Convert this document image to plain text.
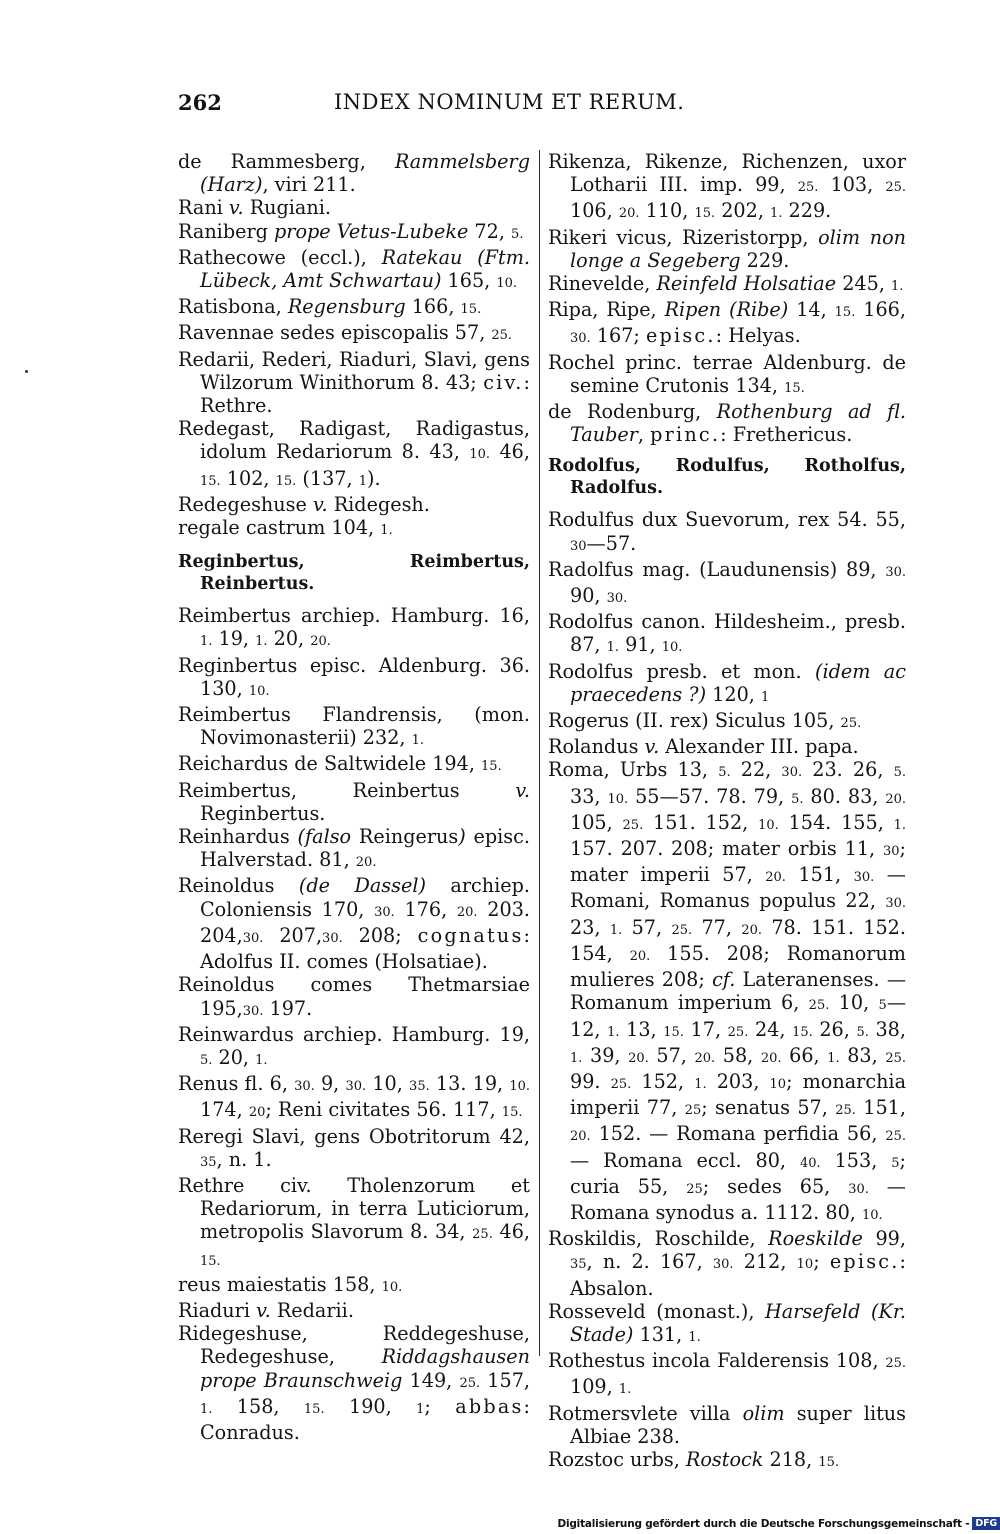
262	INDEX NOMINUM ET RERUM.

de Rammesberg, Rammelsberg (Harz), viri 211.

Rani v. Rugiani.

Raniberg prope Vetus-Lubeke 72, 5.

Rathecowe (eccl.), Ratekau (Ftm. Lübeck, Amt Schwartau) 165, 10.

Ratisbona, Regensburg 166, 15.

Ravennae sedes episcopalis 57, 25.

Redarii, Rederi, Riaduri, Slavi, gens Wilzorum Winithorum 8. 43; civ.: Rethre.

Redegast, Radigast, Radigastus, idolum Redariorum 8. 43, 10. 46, 15. 102, 15. (137, 1).

Redegeshuse v. Ridegesh.

regale castrum 104, 1.

Reginbertus, Reimbertus, Reinbertus.

Reimbertus archiep. Hamburg. 16, 1. 19, 1. 20, 20.

Reginbertus episc. Aldenburg. 36. 130, 10.

Reimbertus Flandrensis, (mon. Novimonasterii) 232, 1.

Reichardus de Saltwidele 194, 15.

Reimbertus, Reinbertus v. Reginbertus.

Reinhardus (falso Reingerus) episc. Halverstad. 81, 20.

Reinoldus (de Dassel) archiep. Coloniensis 170, 30. 176, 20. 203. 204,30. 207,30. 208; cognatus: Adolfus II. comes (Holsatiae).

Reinoldus comes Thetmarsiae 195,30. 197.

Reinwardus archiep. Hamburg. 19, 5. 20, 1.

Renus fl. 6, 30. 9, 30. 10, 35. 13. 19, 10. 174, 20; Reni civitates 56. 117, 15.

Reregi Slavi, gens Obotritorum 42, 35, n. 1.

Rethre civ. Tholenzorum et Redariorum, in terra Luticiorum, metropolis Slavorum 8. 34, 25. 46, 15.

reus maiestatis 158, 10.

Riaduri v. Redarii.

Ridegeshuse, Reddegeshuse, Redegeshuse, Riddagshausen prope Braunschweig 149, 25. 157, 1. 158, 15. 190, 1; abbas: Conradus.

Rikenza, Rikenze, Richenzen, uxor Lotharii III. imp. 99, 25. 103, 25. 106, 20. 110, 15. 202, 1. 229.

Rikeri vicus, Rizeristorpp, olim non longe a Segeberg 229.

Rinevelde, Reinfeld Holsatiae 245, 1.

Ripa, Ripe, Ripen (Ribe) 14, 15. 166, 30. 167; episc.: Helyas.

Rochel princ. terrae Aldenburg. de semine Crutonis 134, 15.

de Rodenburg, Rothenburg ad fl. Tauber, princ.: Frethericus.

Rodolfus, Rodulfus, Rotholfus, Radolfus.

Rodulfus dux Suevorum, rex 54. 55, 30—57.

Radolfus mag. (Laudunensis) 89, 30. 90, 30.

Rodolfus canon. Hildesheim., presb. 87, 1. 91, 10.

Rodolfus presb. et mon. (idem ac praecedens ?) 120, 1

Rogerus (II. rex) Siculus 105, 25.

Rolandus v. Alexander III. papa.

Roma, Urbs 13, 5. 22, 30. 23. 26, 5. 33, 10. 55—57. 78. 79, 5. 80. 83, 20. 105, 25. 151. 152, 10. 154. 155, 1. 157. 207. 208; mater orbis 11, 30; mater imperii 57, 20. 151, 30. — Romani, Romanus populus 22, 30. 23, 1. 57, 25. 77, 20. 78. 151. 152. 154, 20. 155. 208; Romanorum mulieres 208; cf. Lateranenses. — Romanum imperium 6, 25. 10, 5—12, 1. 13, 15. 17, 25. 24, 15. 26, 5. 38, 1. 39, 20. 57, 20. 58, 20. 66, 1. 83, 25. 99. 25. 152, 1. 203, 10; monarchia imperii 77, 25; senatus 57, 25. 151, 20. 152. — Romana perfidia 56, 25. — Romana eccl. 80, 40. 153, 5; curia 55, 25; sedes 65, 30. — Romana synodus a. 1112. 80, 10.

Roskildis, Roschilde, Roeskilde 99, 35, n. 2. 167, 30. 212, 10; episc.: Absalon.

Rosseveld (monast.), Harsefeld (Kr. Stade) 131, 1.

Rothestus incola Falderensis 108, 25. 109, 1.

Rotmersvlete villa olim super litus Albiae 238.

Rozstoc urbs, Rostock 218, 15.

Digitalisierung gefördert durch die Deutsche Forschungsgemeinschaft - DFG
